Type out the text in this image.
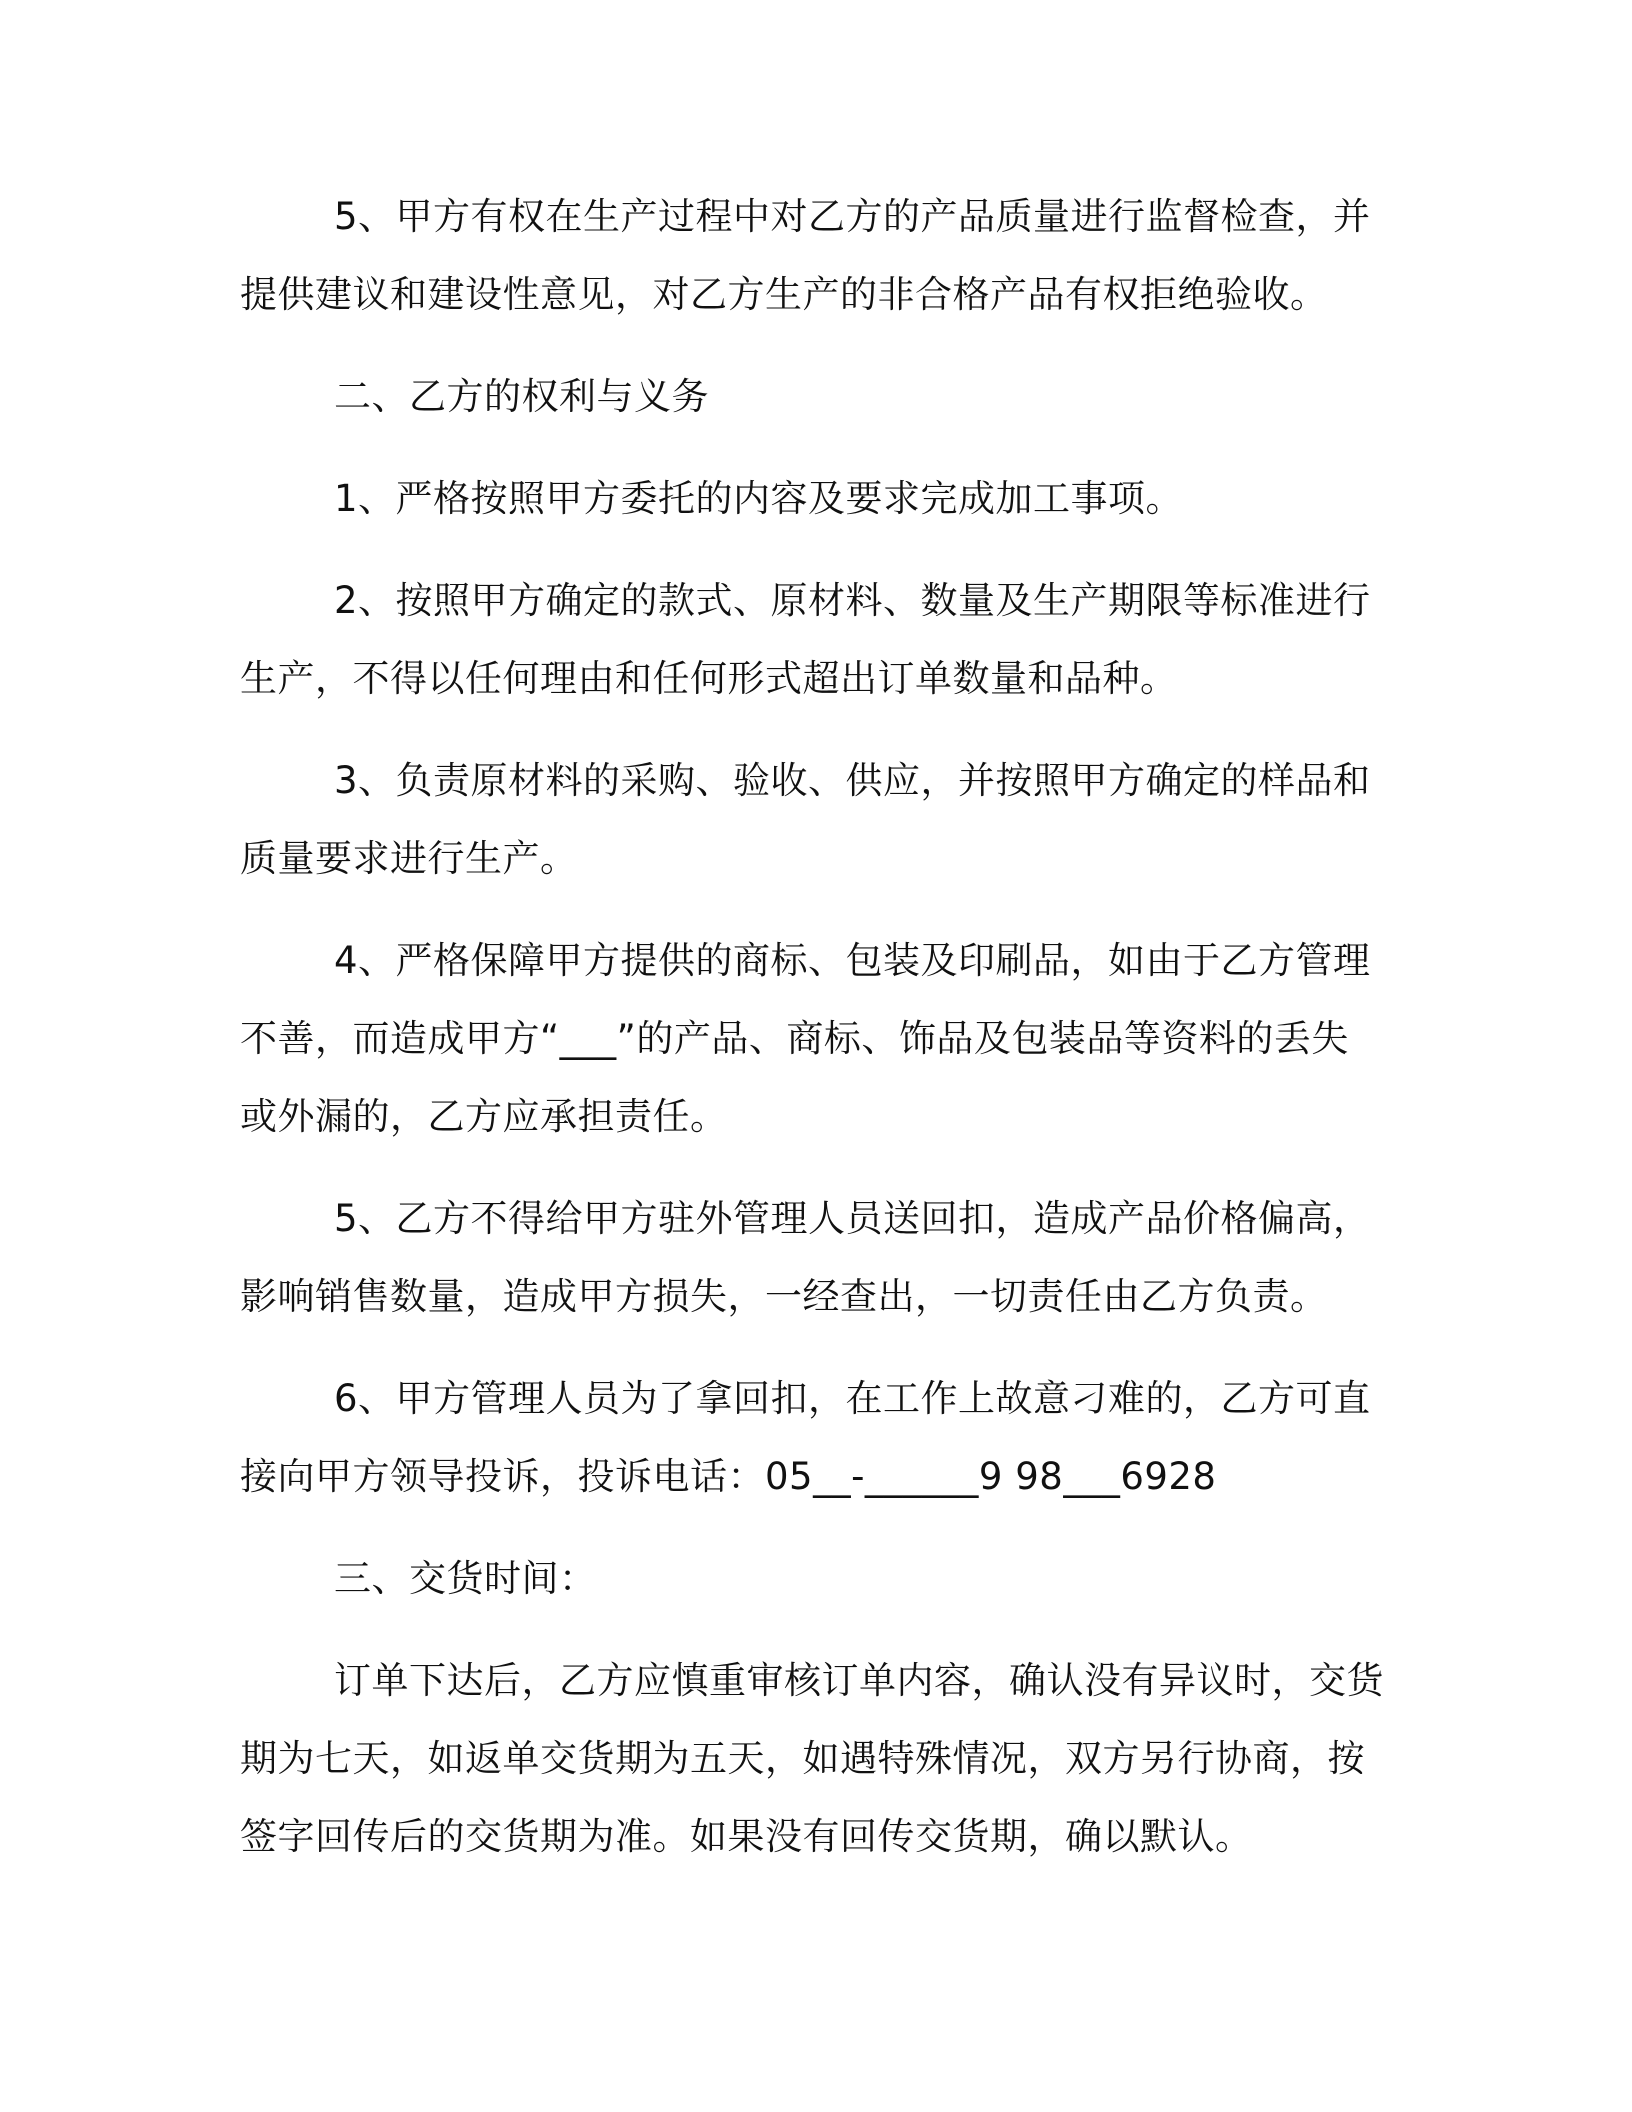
5、甲方有权在生产过程中对乙方的产品质量进行监督检查，并
提供建议和建设性意见，对乙方生产的非合格产品有权拒绝验收。

二、乙方的权利与义务

1、严格按照甲方委托的内容及要求完成加工事项。

2、按照甲方确定的款式、原材料、数量及生产期限等标准进行
生产，不得以任何理由和任何形式超出订单数量和品种。

3、负责原材料的采购、验收、供应，并按照甲方确定的样品和
质量要求进行生产。

4、严格保障甲方提供的商标、包装及印刷品，如由于乙方管理
不善，而造成甲方“___”的产品、商标、饰品及包装品等资料的丢失
或外漏的，乙方应承担责任。

5、乙方不得给甲方驻外管理人员送回扣，造成产品价格偏高，
影响销售数量，造成甲方损失，一经查出，一切责任由乙方负责。

6、甲方管理人员为了拿回扣，在工作上故意刁难的，乙方可直
接向甲方领导投诉，投诉电话：05__-______9 98___6928

三、交货时间：

订单下达后，乙方应慎重审核订单内容，确认没有异议时，交货
期为七天，如返单交货期为五天，如遇特殊情况，双方另行协商，按
签字回传后的交货期为准。如果没有回传交货期，确以默认。
